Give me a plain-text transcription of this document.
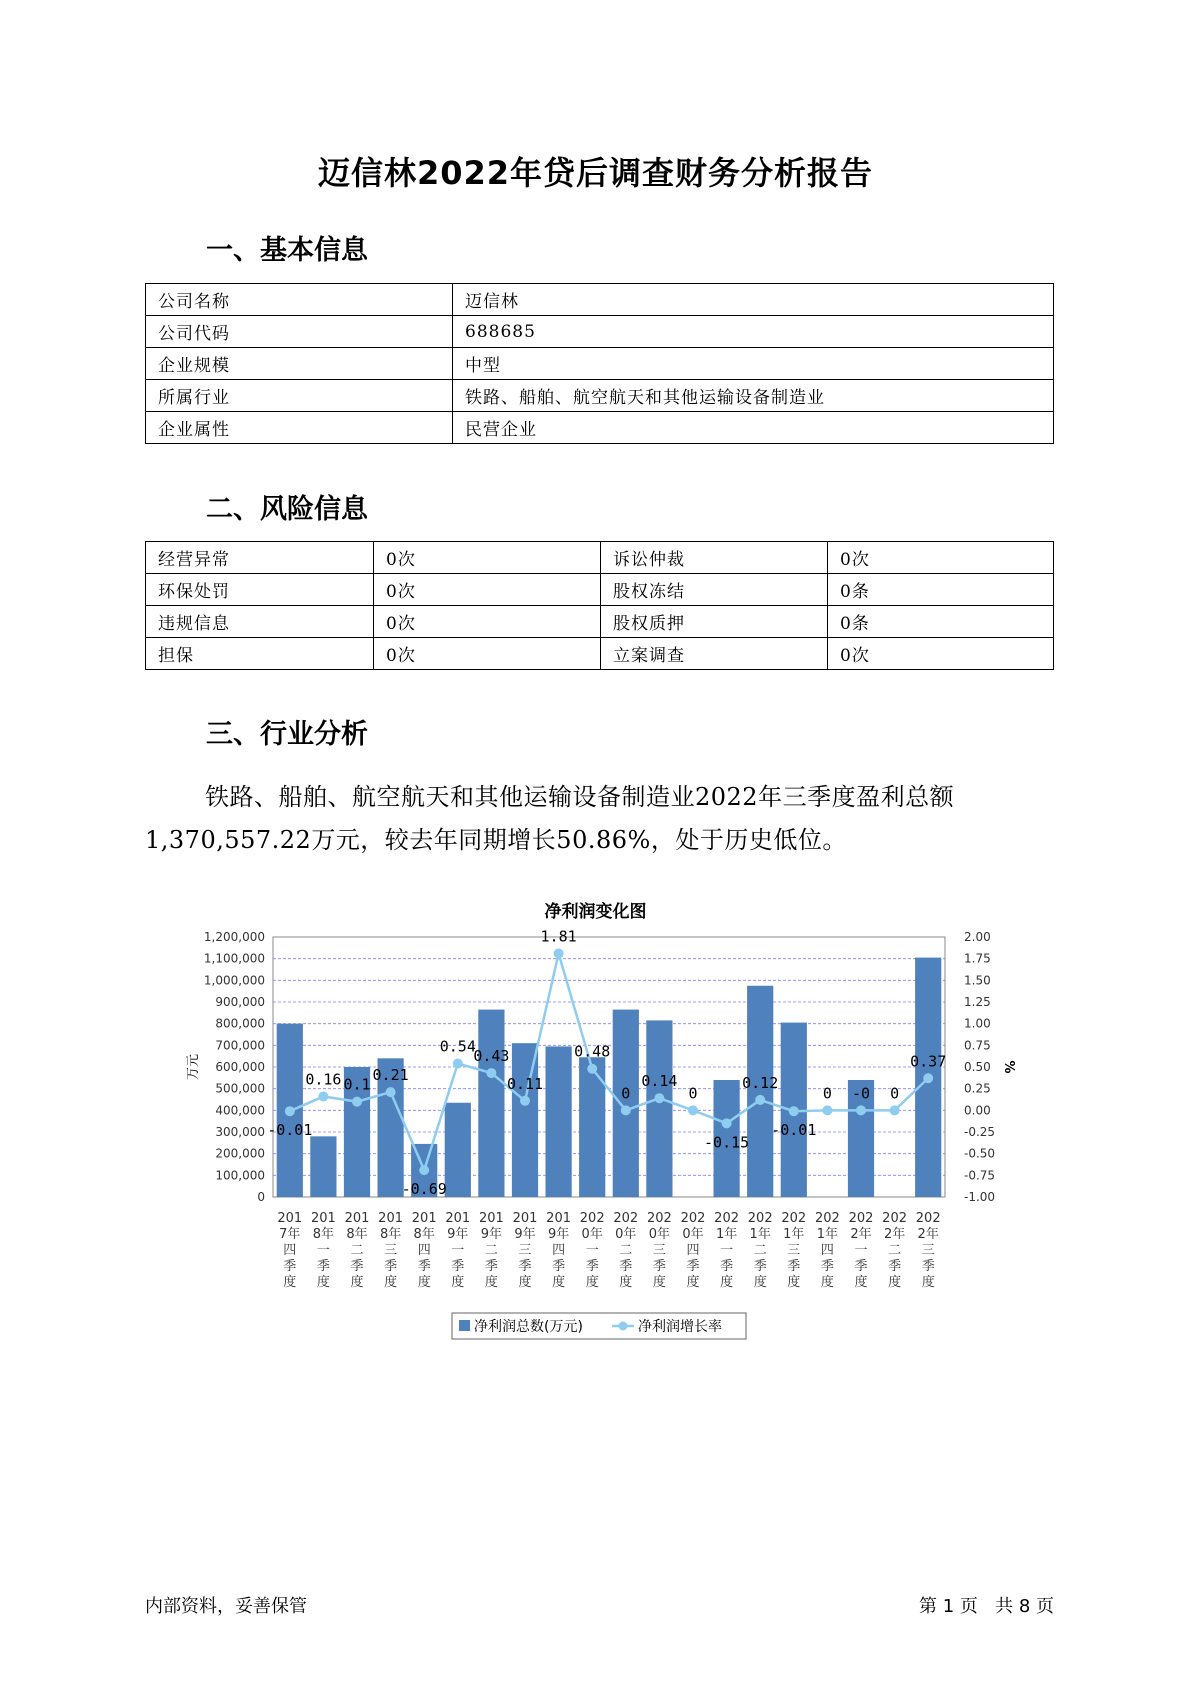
迈信林2022年贷后调查财务分析报告
一、基本信息
公司名称	迈信林
公司代码	688685
企业规模	中型
所属行业	铁路、船舶、航空航天和其他运输设备制造业
企业属性	民营企业
二、风险信息
经营异常	0次	诉讼仲裁	0次
环保处罚	0次	股权冻结	0条
违规信息	0次	股权质押	0条
担保	0次	立案调查	0次
三、行业分析
铁路、船舶、航空航天和其他运输设备制造业2022年三季度盈利总额1,370,557.22万元，较去年同期增长50.86%，处于历史低位。
净利润变化图
0
100,000
200,000
300,000
400,000
500,000
600,000
700,000
800,000
900,000
1,000,000
1,100,000
1,200,000
-1.00
-0.75
-0.50
-0.25
0.00
0.25
0.50
0.75
1.00
1.25
1.50
1.75
2.00
万元	%
-0.01
0.16 0.1
0.21
-0.69
0.54
0.43
0.11
1.81
0.48
0
0.14
0
-0.15
0.12
-0.01
0 -0 0
0.37
201 7年四季度
201 8年一季度
201 8年二季度
201 8年三季度
201 8年四季度
201 9年一季度
201 9年二季度
201 9年三季度
201 9年四季度
202 0年一季度
202 0年二季度
202 0年三季度
202 0年四季度
202 1年一季度
202 1年二季度
202 1年三季度
202 1年四季度
202 2年一季度
202 2年二季度
202 2年三季度
净利润总数(万元)	净利润增长率
内部资料，妥善保管	第 1 页   共 8 页
